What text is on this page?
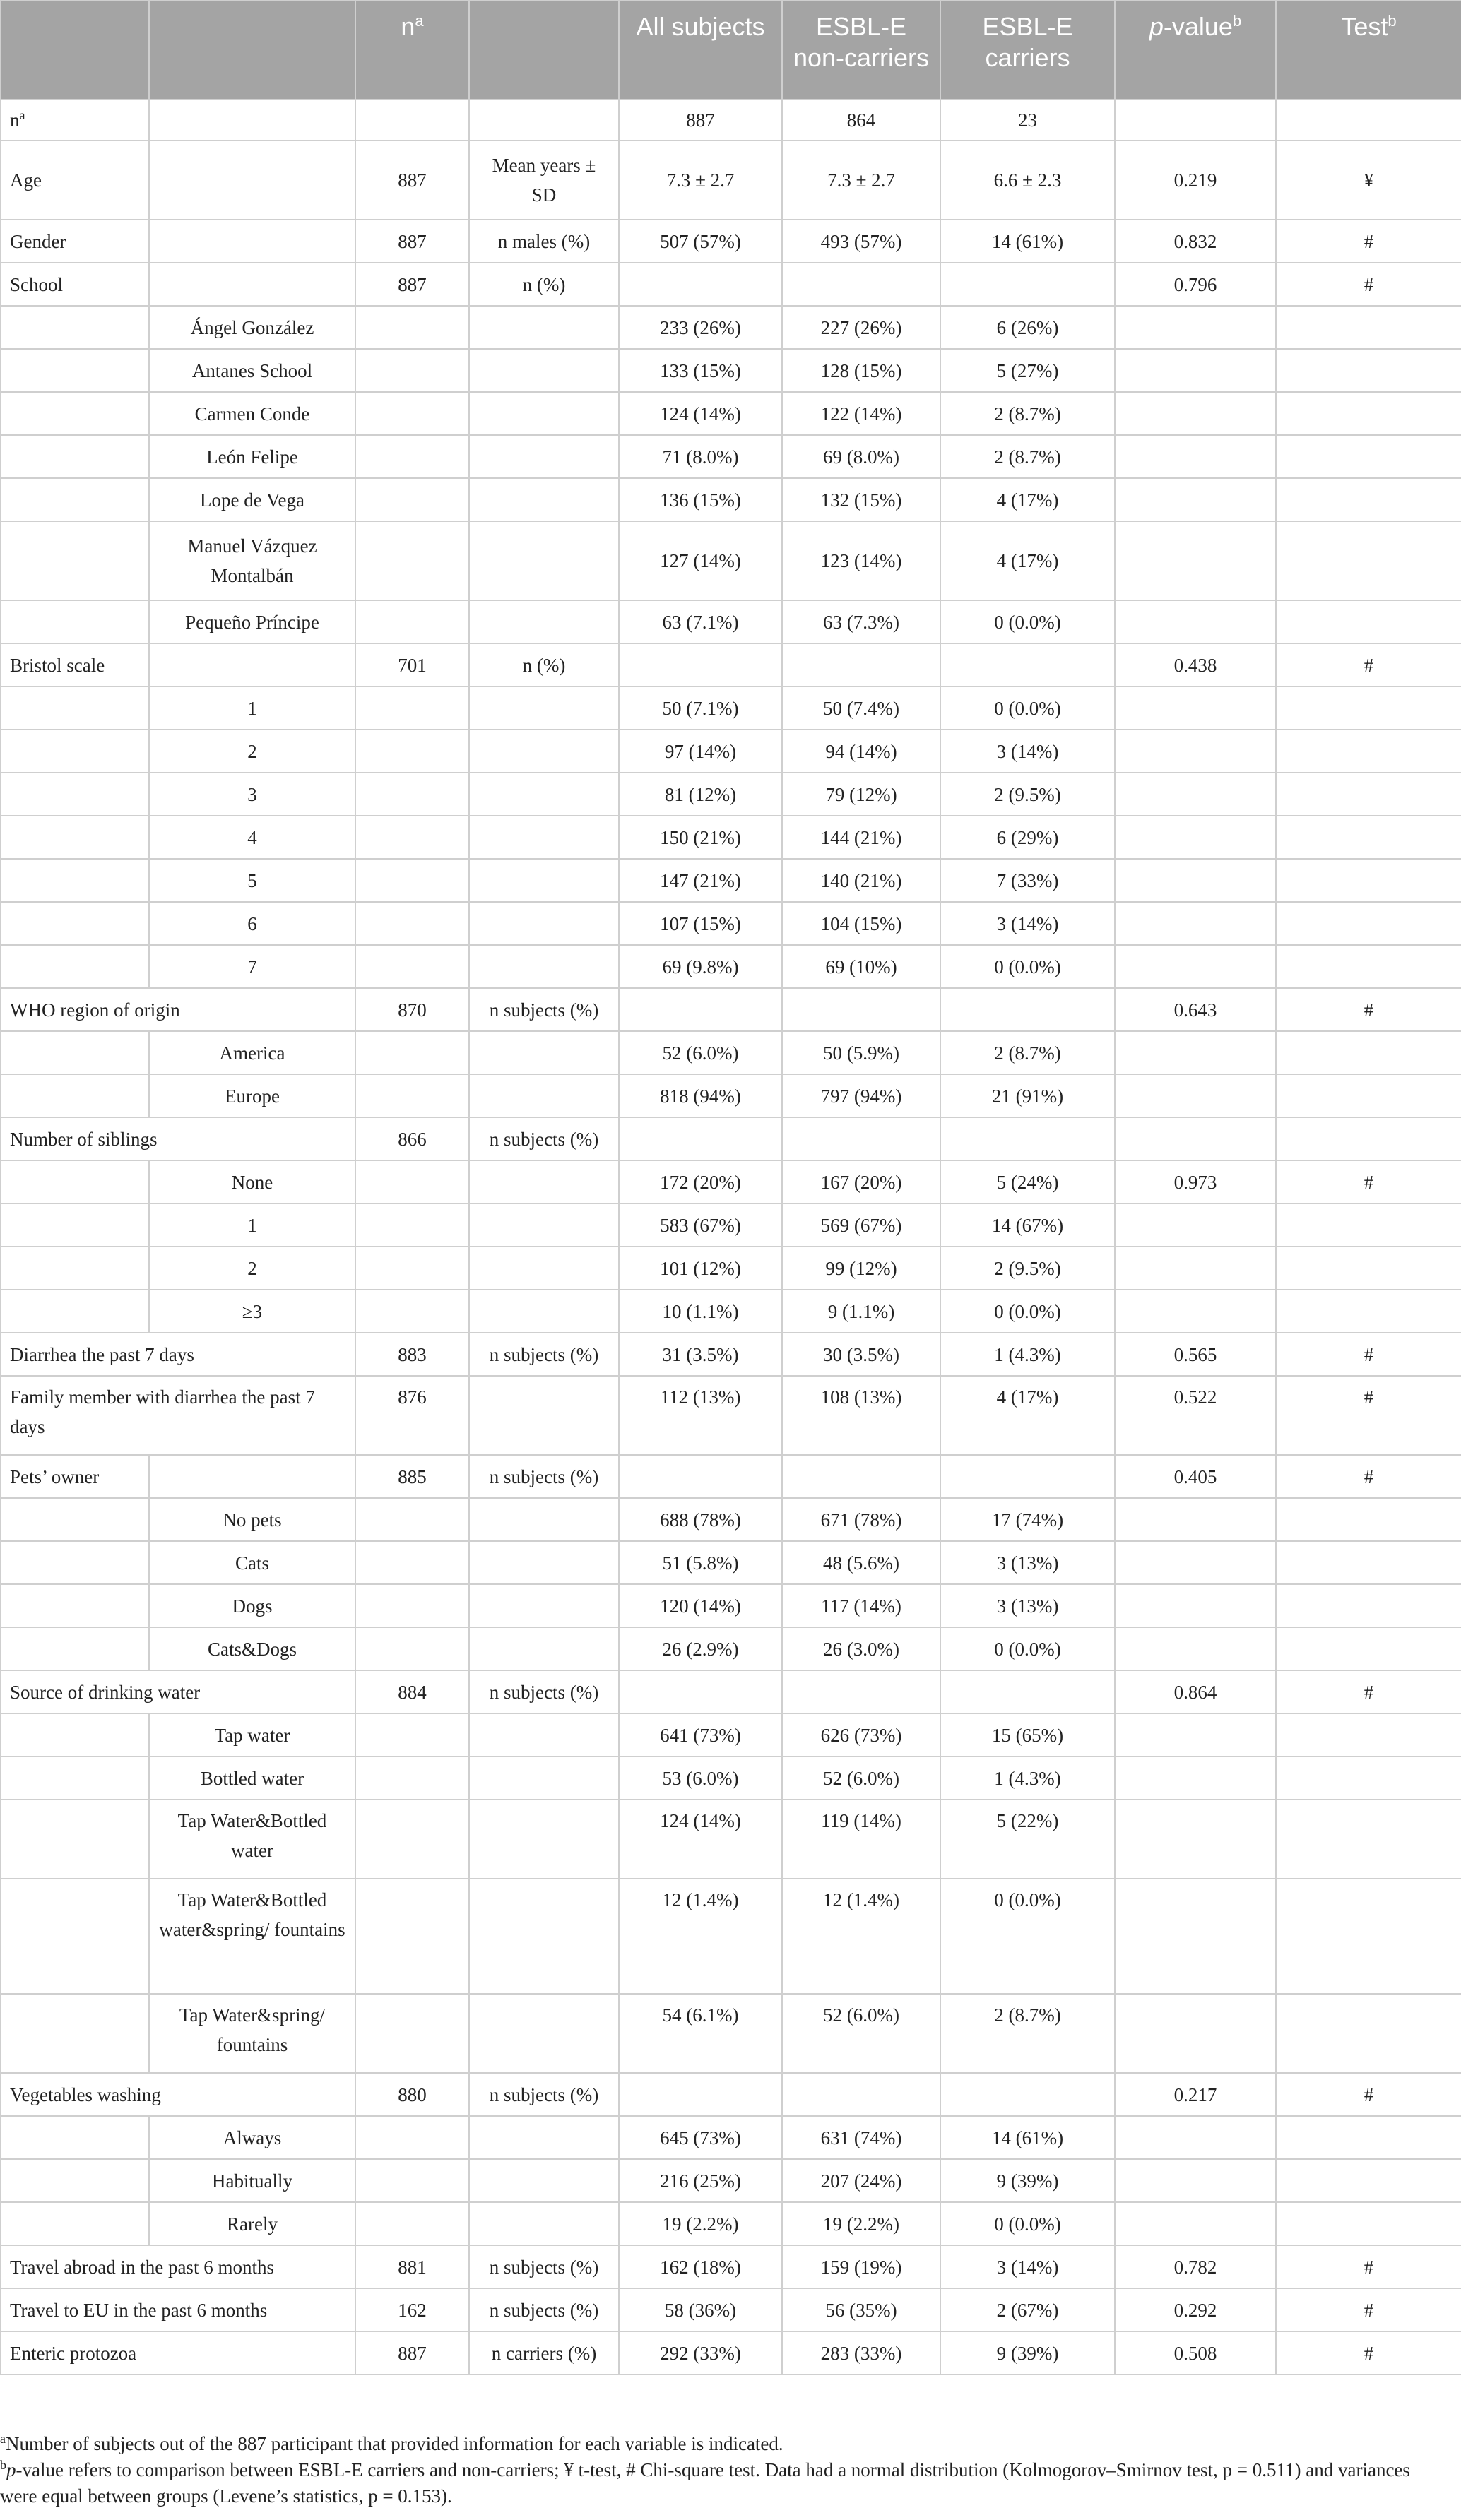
		$n^a$		All subjects	ESBL-E non-carriers	ESBL-E carriers	p-value$^b$	Test$^b$
$n^a$				887	864	23		
Age		887	Mean years ± SD	7.3 ± 2.7	7.3 ± 2.7	6.6 ± 2.3	0.219	¥
Gender		887	n males (%)	507 (57%)	493 (57%)	14 (61%)	0.832	#
School		887	n (%)				0.796	#
	Ángel González			233 (26%)	227 (26%)	6 (26%)		
	Antanes School			133 (15%)	128 (15%)	5 (27%)		
	Carmen Conde			124 (14%)	122 (14%)	2 (8.7%)		
	León Felipe			71 (8.0%)	69 (8.0%)	2 (8.7%)		
	Lope de Vega			136 (15%)	132 (15%)	4 (17%)		
	Manuel Vázquez Montalbán			127 (14%)	123 (14%)	4 (17%)		
	Pequeño Príncipe			63 (7.1%)	63 (7.3%)	0 (0.0%)		
Bristol scale		701	n (%)				0.438	#
	1			50 (7.1%)	50 (7.4%)	0 (0.0%)		
	2			97 (14%)	94 (14%)	3 (14%)		
	3			81 (12%)	79 (12%)	2 (9.5%)		
	4			150 (21%)	144 (21%)	6 (29%)		
	5			147 (21%)	140 (21%)	7 (33%)		
	6			107 (15%)	104 (15%)	3 (14%)		
	7			69 (9.8%)	69 (10%)	0 (0.0%)		
WHO region of origin		870	n subjects (%)				0.643	#
	America			52 (6.0%)	50 (5.9%)	2 (8.7%)		
	Europe			818 (94%)	797 (94%)	21 (91%)		
Number of siblings		866	n subjects (%)					
	None			172 (20%)	167 (20%)	5 (24%)	0.973	#
	1			583 (67%)	569 (67%)	14 (67%)		
	2			101 (12%)	99 (12%)	2 (9.5%)		
	≥3			10 (1.1%)	9 (1.1%)	0 (0.0%)		
Diarrhea the past 7 days		883	n subjects (%)	31 (3.5%)	30 (3.5%)	1 (4.3%)	0.565	#
Family member with diarrhea the past 7 days		876		112 (13%)	108 (13%)	4 (17%)	0.522	#
Pets’ owner		885	n subjects (%)				0.405	#
	No pets			688 (78%)	671 (78%)	17 (74%)		
	Cats			51 (5.8%)	48 (5.6%)	3 (13%)		
	Dogs			120 (14%)	117 (14%)	3 (13%)		
	Cats&Dogs			26 (2.9%)	26 (3.0%)	0 (0.0%)		
Source of drinking water		884	n subjects (%)				0.864	#
	Tap water			641 (73%)	626 (73%)	15 (65%)		
	Bottled water			53 (6.0%)	52 (6.0%)	1 (4.3%)		
	Tap Water&Bottled water			124 (14%)	119 (14%)	5 (22%)		
	Tap Water&Bottled water&spring/ fountains			12 (1.4%)	12 (1.4%)	0 (0.0%)		
	Tap Water&spring/ fountains			54 (6.1%)	52 (6.0%)	2 (8.7%)		
Vegetables washing		880	n subjects (%)				0.217	#
	Always			645 (73%)	631 (74%)	14 (61%)		
	Habitually			216 (25%)	207 (24%)	9 (39%)		
	Rarely			19 (2.2%)	19 (2.2%)	0 (0.0%)		
Travel abroad in the past 6 months		881	n subjects (%)	162 (18%)	159 (19%)	3 (14%)	0.782	#
Travel to EU in the past 6 months		162	n subjects (%)	58 (36%)	56 (35%)	2 (67%)	0.292	#
Enteric protozoa		887	n carriers (%)	292 (33%)	283 (33%)	9 (39%)	0.508	#

$^a$Number of subjects out of the 887 participant that provided information for each variable is indicated.

$^b$p-value refers to comparison between ESBL-E carriers and non-carriers; ¥ t-test, # Chi-square test. Data had a normal distribution (Kolmogorov–Smirnov test, p = 0.511) and variances were equal between groups (Levene’s statistics, p = 0.153).
